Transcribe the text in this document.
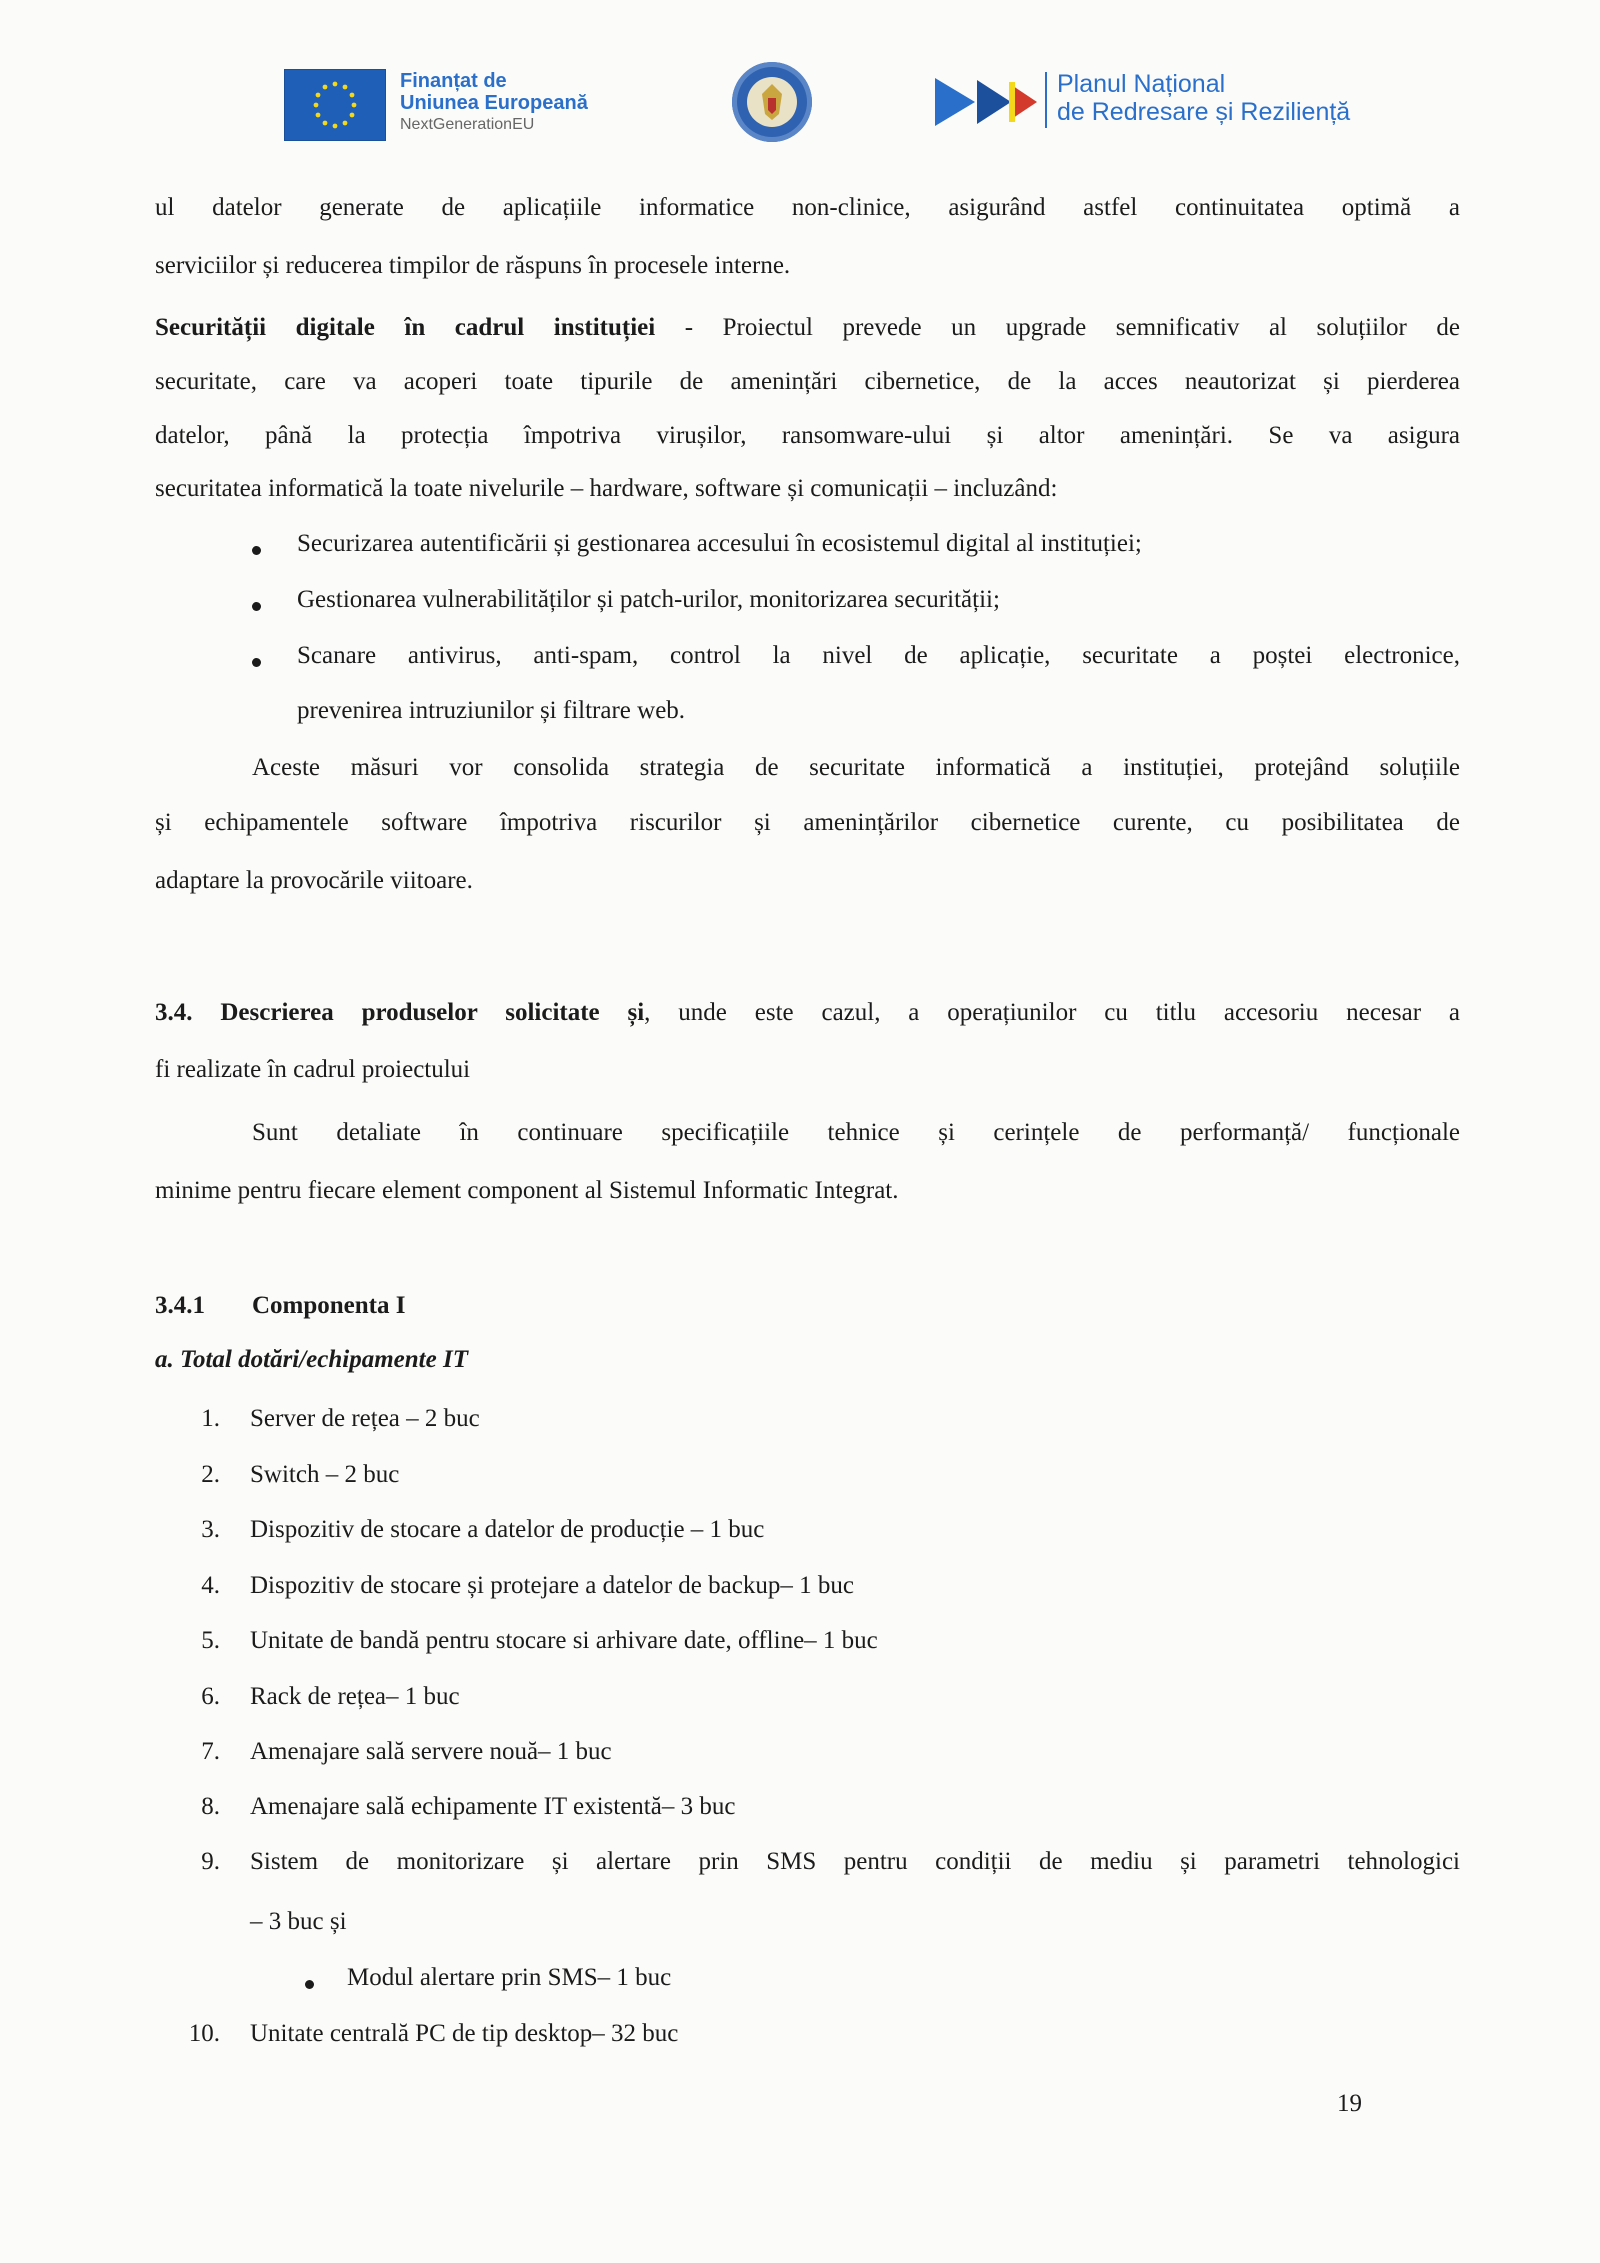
Finanțat de
Uniunea Europeană
NextGenerationEU
Planul Național
de Redresare și Reziliență
ul datelor generate de aplicațiile informatice non-clinice, asigurând astfel continuitatea optimă a
serviciilor și reducerea timpilor de răspuns în procesele interne.
Securității digitale în cadrul instituției - Proiectul prevede un upgrade semnificativ al soluțiilor de
securitate, care va acoperi toate tipurile de amenințări cibernetice, de la acces neautorizat și pierderea
datelor, până la protecția împotriva virușilor, ransomware-ului și altor amenințări. Se va asigura
securitatea informatică la toate nivelurile – hardware, software și comunicații – incluzând:
Securizarea autentificării și gestionarea accesului în ecosistemul digital al instituției;
Gestionarea vulnerabilităților și patch-urilor, monitorizarea securității;
Scanare antivirus, anti-spam, control la nivel de aplicație, securitate a poștei electronice,
prevenirea intruziunilor și filtrare web.
Aceste măsuri vor consolida strategia de securitate informatică a instituției, protejând soluțiile
și echipamentele software împotriva riscurilor și amenințărilor cibernetice curente, cu posibilitatea de
adaptare la provocările viitoare.
3.4. Descrierea produselor solicitate și, unde este cazul, a operațiunilor cu titlu accesoriu necesar a
fi realizate în cadrul proiectului
Sunt detaliate în continuare specificațiile tehnice și cerințele de performanță/ funcționale
minime pentru fiecare element component al Sistemul Informatic Integrat.
3.4.1 Componenta I
a. Total dotări/echipamente IT
1. Server de rețea – 2 buc
2. Switch – 2 buc
3. Dispozitiv de stocare a datelor de producție – 1 buc
4. Dispozitiv de stocare și protejare a datelor de backup– 1 buc
5. Unitate de bandă pentru stocare si arhivare date, offline– 1 buc
6. Rack de rețea– 1 buc
7. Amenajare sală servere nouă– 1 buc
8. Amenajare sală echipamente IT existentă– 3 buc
9. Sistem de monitorizare și alertare prin SMS pentru condiții de mediu și parametri tehnologici
– 3 buc și
Modul alertare prin SMS– 1 buc
10. Unitate centrală PC de tip desktop– 32 buc
19
